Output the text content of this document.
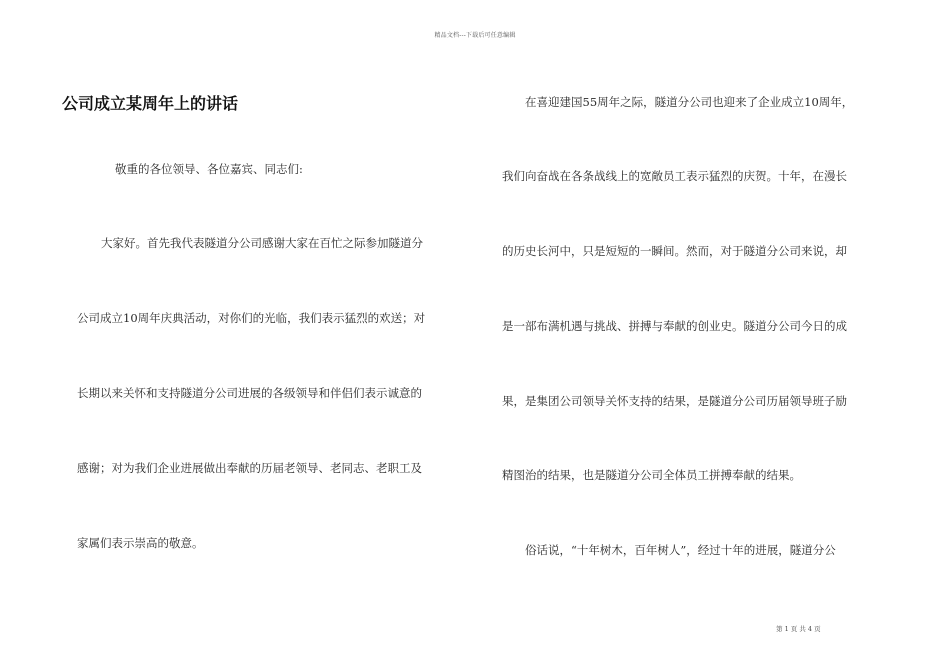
精品文档---下载后可任意编辑
公司成立某周年上的讲话
敬重的各位领导、各位嘉宾、同志们:
大家好。首先我代表隧道分公司感谢大家在百忙之际参加隧道分
公司成立10周年庆典活动，对你们的光临，我们表示猛烈的欢送；对
长期以来关怀和支持隧道分公司进展的各级领导和伴侣们表示诚意的
感谢；对为我们企业进展做出奉献的历届老领导、老同志、老职工及
家属们表示崇高的敬意。
在喜迎建国55周年之际，隧道分公司也迎来了企业成立10周年，
我们向奋战在各条战线上的宽敞员工表示猛烈的庆贺。十年，在漫长
的历史长河中，只是短短的一瞬间。然而，对于隧道分公司来说，却
是一部布满机遇与挑战、拼搏与奉献的创业史。隧道分公司今日的成
果，是集团公司领导关怀支持的结果，是隧道分公司历届领导班子励
精图治的结果，也是隧道分公司全体员工拼搏奉献的结果。
俗话说，“十年树木，百年树人”，经过十年的进展，隧道分公
第 1 页 共 4 页
